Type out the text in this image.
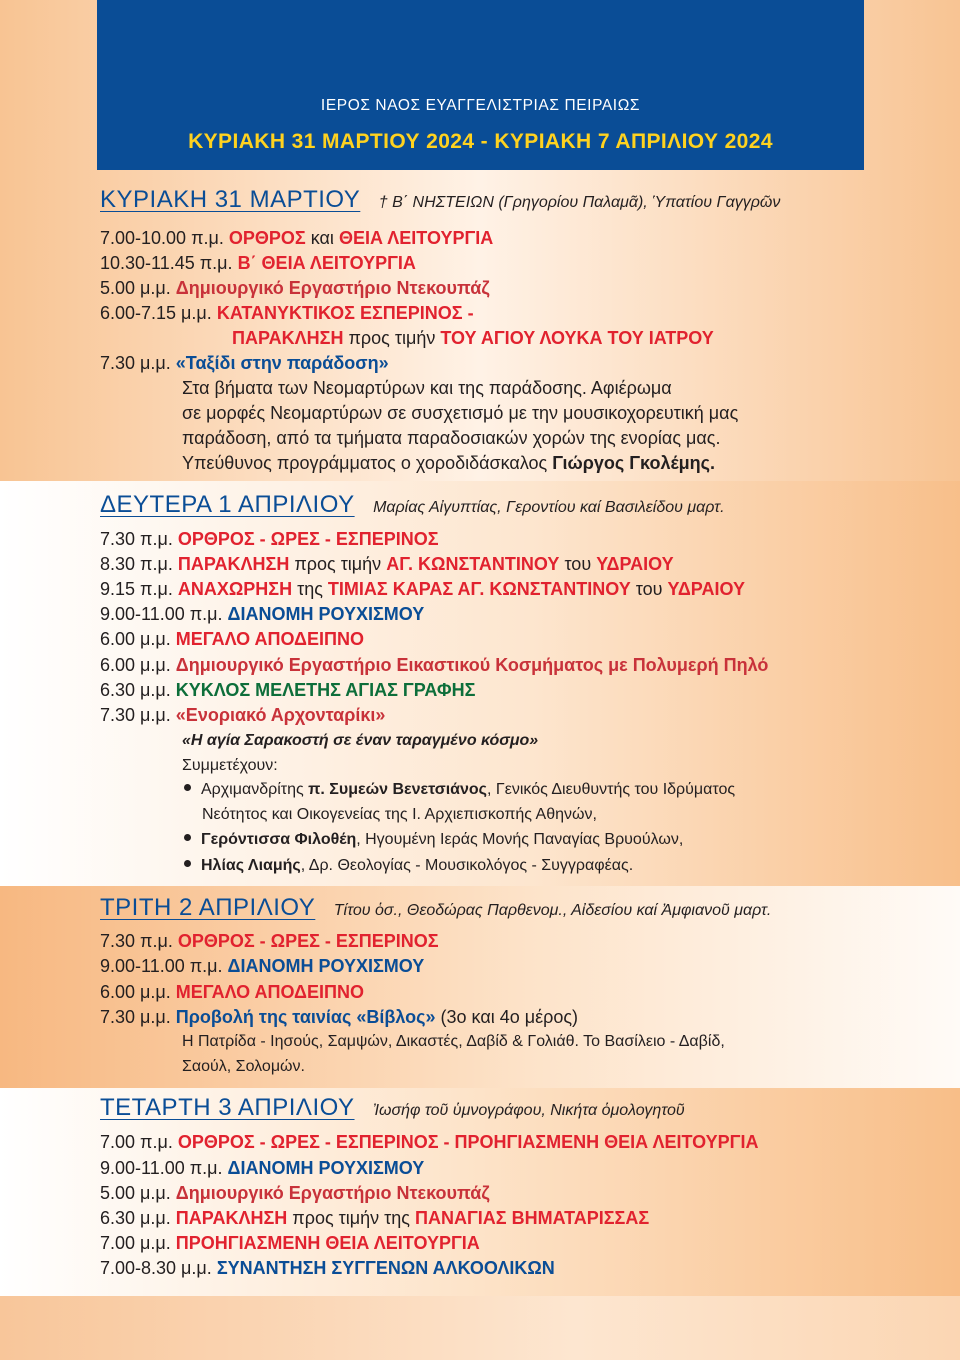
ΙΕΡΟΣ ΝΑΟΣ ΕΥΑΓΓΕΛΙΣΤΡΙΑΣ ΠΕΙΡΑΙΩΣ
ΚΥΡΙΑΚΗ 31 ΜΑΡΤΙΟΥ 2024 - ΚΥΡΙΑΚΗ 7 ΑΠΡΙΛΙΟΥ 2024
ΚΥΡΙΑΚΗ 31 ΜΑΡΤΙΟΥ † Β΄ ΝΗΣΤΕΙΩΝ (Γρηγορίου Παλαμᾶ), Ὑπατίου Γαγγρῶν
7.00-10.00 π.μ. ΟΡΘΡΟΣ και ΘΕΙΑ ΛΕΙΤΟΥΡΓΙΑ
10.30-11.45 π.μ. Β΄ ΘΕΙΑ ΛΕΙΤΟΥΡΓΙΑ
5.00 μ.μ. Δημιουργικό Εργαστήριο Ντεκουπάζ
6.00-7.15 μ.μ. ΚΑΤΑΝΥΚΤΙΚΟΣ ΕΣΠΕΡΙΝΟΣ -
ΠΑΡΑΚΛΗΣΗ προς τιμήν ΤΟΥ ΑΓΙΟΥ ΛΟΥΚΑ ΤΟΥ ΙΑΤΡΟΥ
7.30 μ.μ. «Ταξίδι στην παράδοση»
Στα βήματα των Νεομαρτύρων και της παράδοσης. Αφιέρωμα
σε μορφές Νεομαρτύρων σε συσχετισμό με την μουσικοχορευτική μας
παράδοση, από τα τμήματα παραδοσιακών χορών της ενορίας μας.
Υπεύθυνος προγράμματος ο χοροδιδάσκαλος Γιώργος Γκολέμης.
ΔΕΥΤΕΡΑ 1 ΑΠΡΙΛΙΟΥ Μαρίας Αἰγυπτίας, Γεροντίου καί Βασιλείδου μαρτ.
7.30 π.μ. ΟΡΘΡΟΣ - ΩΡΕΣ - ΕΣΠΕΡΙΝΟΣ
8.30 π.μ. ΠΑΡΑΚΛΗΣΗ προς τιμήν ΑΓ. ΚΩΝΣΤΑΝΤΙΝΟΥ του ΥΔΡΑΙΟΥ
9.15 π.μ. ΑΝΑΧΩΡΗΣΗ της ΤΙΜΙΑΣ ΚΑΡΑΣ ΑΓ. ΚΩΝΣΤΑΝΤΙΝΟΥ του ΥΔΡΑΙΟΥ
9.00-11.00 π.μ. ΔΙΑΝΟΜΗ ΡΟΥΧΙΣΜΟΥ
6.00 μ.μ. ΜΕΓΑΛΟ ΑΠΟΔΕΙΠΝΟ
6.00 μ.μ. Δημιουργικό Εργαστήριο Εικαστικού Κοσμήματος με Πολυμερή Πηλό
6.30 μ.μ. ΚΥΚΛΟΣ ΜΕΛΕΤΗΣ ΑΓΙΑΣ ΓΡΑΦΗΣ
7.30 μ.μ. «Ενοριακό Αρχονταρίκι»
«Η αγία Σαρακοστή σε έναν ταραγμένο κόσμο»
Συμμετέχουν:
Αρχιμανδρίτης π. Συμεών Βενετσιάνος, Γενικός Διευθυντής του Ιδρύματος
Νεότητος και Οικογενείας της Ι. Αρχιεπισκοπής Αθηνών,
Γερόντισσα Φιλοθέη, Ηγουμένη Ιεράς Μονής Παναγίας Βρυούλων,
Ηλίας Λιαμής, Δρ. Θεολογίας - Μουσικολόγος - Συγγραφέας.
ΤΡΙΤΗ 2 ΑΠΡΙΛΙΟΥ Τίτου ὁσ., Θεοδώρας Παρθενομ., Αἰδεσίου καί Ἀμφιανοῦ μαρτ.
7.30 π.μ. ΟΡΘΡΟΣ - ΩΡΕΣ - ΕΣΠΕΡΙΝΟΣ
9.00-11.00 π.μ. ΔΙΑΝΟΜΗ ΡΟΥΧΙΣΜΟΥ
6.00 μ.μ. ΜΕΓΑΛΟ ΑΠΟΔΕΙΠΝΟ
7.30 μ.μ. Προβολή της ταινίας «Βίβλος» (3ο και 4ο μέρος)
Η Πατρίδα - Ιησούς, Σαμψών, Δικαστές, Δαβίδ & Γολιάθ. Το Βασίλειο - Δαβίδ,
Σαούλ, Σολομών.
ΤΕΤΑΡΤΗ 3 ΑΠΡΙΛΙΟΥ Ἰωσήφ τοῦ ὑμνογράφου, Νικήτα ὁμολογητοῦ
7.00 π.μ. ΟΡΘΡΟΣ - ΩΡΕΣ - ΕΣΠΕΡΙΝΟΣ - ΠΡΟΗΓΙΑΣΜΕΝΗ ΘΕΙΑ ΛΕΙΤΟΥΡΓΙΑ
9.00-11.00 π.μ. ΔΙΑΝΟΜΗ ΡΟΥΧΙΣΜΟΥ
5.00 μ.μ. Δημιουργικό Εργαστήριο Ντεκουπάζ
6.30 μ.μ. ΠΑΡΑΚΛΗΣΗ προς τιμήν της ΠΑΝΑΓΙΑΣ ΒΗΜΑΤΑΡΙΣΣΑΣ
7.00 μ.μ. ΠΡΟΗΓΙΑΣΜΕΝΗ ΘΕΙΑ ΛΕΙΤΟΥΡΓΙΑ
7.00-8.30 μ.μ. ΣΥΝΑΝΤΗΣΗ ΣΥΓΓΕΝΩΝ ΑΛΚΟΟΛΙΚΩΝ
